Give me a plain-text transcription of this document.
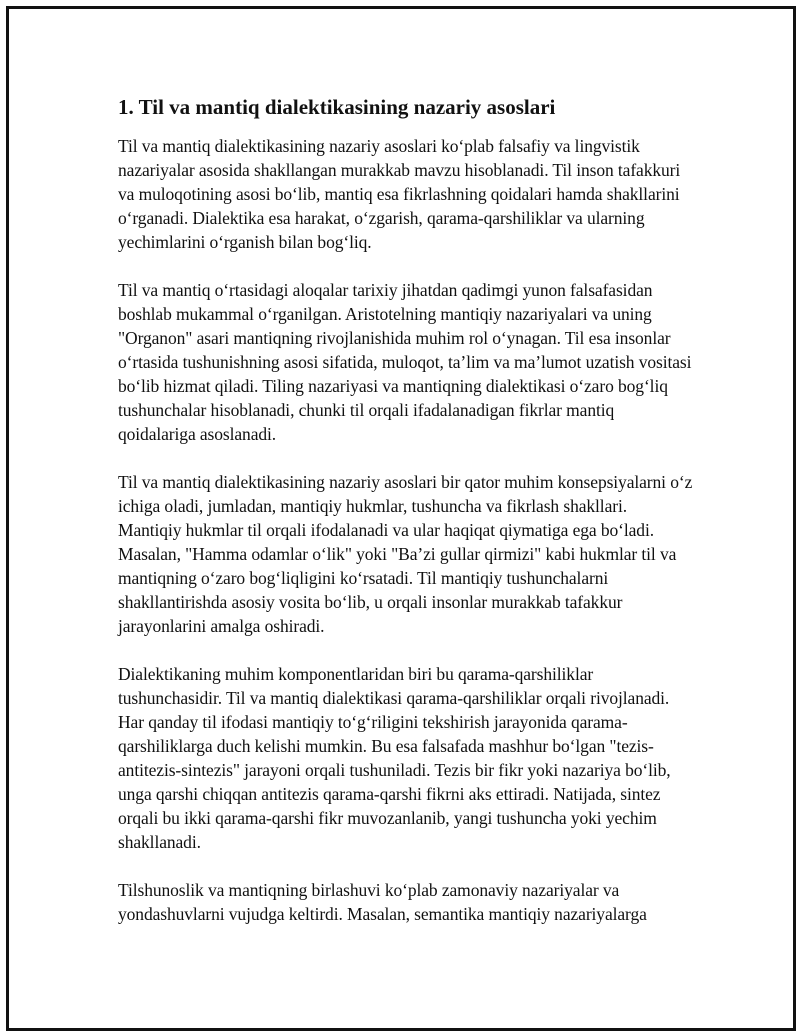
1. Til va mantiq dialektikasining nazariy asoslari

Til va mantiq dialektikasining nazariy asoslari koʻplab falsafiy va lingvistik nazariyalar asosida shakllangan murakkab mavzu hisoblanadi. Til inson tafakkuri va muloqotining asosi boʻlib, mantiq esa fikrlashning qoidalari hamda shakllarini oʻrganadi. Dialektika esa harakat, oʻzgarish, qarama-qarshiliklar va ularning yechimlarini oʻrganish bilan bogʻliq.

Til va mantiq oʻrtasidagi aloqalar tarixiy jihatdan qadimgi yunon falsafasidan boshlab mukammal oʻrganilgan. Aristotelning mantiqiy nazariyalari va uning "Organon" asari mantiqning rivojlanishida muhim rol oʻynagan. Til esa insonlar oʻrtasida tushunishning asosi sifatida, muloqot, taʼlim va maʼlumot uzatish vositasi boʻlib hizmat qiladi. Tiling nazariyasi va mantiqning dialektikasi oʻzaro bogʻliq tushunchalar hisoblanadi, chunki til orqali ifadalanadigan fikrlar mantiq qoidalariga asoslanadi.

Til va mantiq dialektikasining nazariy asoslari bir qator muhim konsepsiyalarni oʻz ichiga oladi, jumladan, mantiqiy hukmlar, tushuncha va fikrlash shakllari. Mantiqiy hukmlar til orqali ifodalanadi va ular haqiqat qiymatiga ega boʻladi. Masalan, "Hamma odamlar oʻlik" yoki "Baʼzi gullar qirmizi" kabi hukmlar til va mantiqning oʻzaro bogʻliqligini koʻrsatadi. Til mantiqiy tushunchalarni shakllantirishda asosiy vosita boʻlib, u orqali insonlar murakkab tafakkur jarayonlarini amalga oshiradi.

Dialektikaning muhim komponentlaridan biri bu qarama-qarshiliklar tushunchasidir. Til va mantiq dialektikasi qarama-qarshiliklar orqali rivojlanadi. Har qanday til ifodasi mantiqiy toʻgʻriligini tekshirish jarayonida qarama-qarshiliklarga duch kelishi mumkin. Bu esa falsafada mashhur boʻlgan "tezis-antitezis-sintezis" jarayoni orqali tushuniladi. Tezis bir fikr yoki nazariya boʻlib, unga qarshi chiqqan antitezis qarama-qarshi fikrni aks ettiradi. Natijada, sintez orqali bu ikki qarama-qarshi fikr muvozanlanib, yangi tushuncha yoki yechim shakllanadi.

Tilshunoslik va mantiqning birlashuvi koʻplab zamonaviy nazariyalar va yondashuvlarni vujudga keltirdi. Masalan, semantika mantiqiy nazariyalarga
